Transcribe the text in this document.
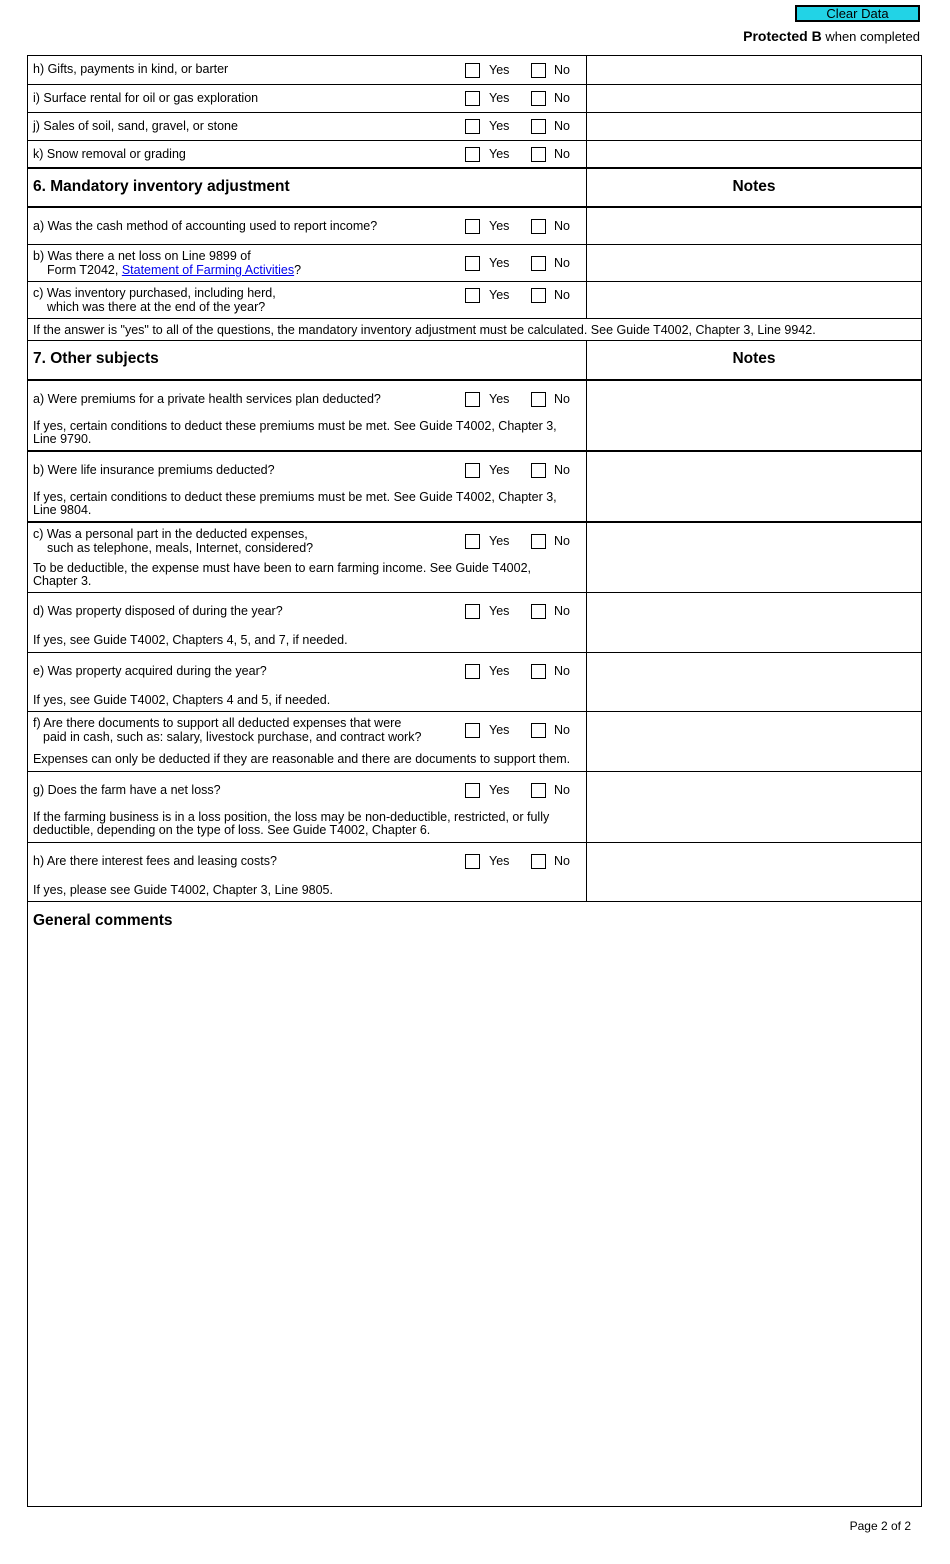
Clear Data
Protected B when completed
h) Gifts, payments in kind, or barter	Yes	No
i) Surface rental for oil or gas exploration	Yes	No
j) Sales of soil, sand, gravel, or stone	Yes	No
k) Snow removal or grading	Yes	No
6. Mandatory inventory adjustment	Notes
a) Was the cash method of accounting used to report income?	Yes	No
b) Was there a net loss on Line 9899 of
Form T2042, Statement of Farming Activities?	Yes	No
c) Was inventory purchased, including herd,
which was there at the end of the year?
Yes	No
If the answer is "yes" to all of the questions, the mandatory inventory adjustment must be calculated. See Guide T4002, Chapter 3, Line 9942.
7. Other subjects	Notes
a) Were premiums for a private health services plan deducted?	Yes	No
If yes, certain conditions to deduct these premiums must be met. See Guide T4002, Chapter 3,
Line 9790.
b) Were life insurance premiums deducted?	Yes	No
If yes, certain conditions to deduct these premiums must be met. See Guide T4002, Chapter 3,
Line 9804.
c) Was a personal part in the deducted expenses,
such as telephone, meals, Internet, considered?	Yes	No
To be deductible, the expense must have been to earn farming income. See Guide T4002,
Chapter 3.
d) Was property disposed of during the year?	Yes	No
If yes, see Guide T4002, Chapters 4, 5, and 7, if needed.
e) Was property acquired during the year?	Yes	No
If yes, see Guide T4002, Chapters 4 and 5, if needed.
f) Are there documents to support all deducted expenses that were
paid in cash, such as: salary, livestock purchase, and contract work?	Yes	No
Expenses can only be deducted if they are reasonable and there are documents to support them.
g) Does the farm have a net loss?	Yes	No
If the farming business is in a loss position, the loss may be non-deductible, restricted, or fully
deductible, depending on the type of loss. See Guide T4002, Chapter 6.
h) Are there interest fees and leasing costs?	Yes	No
If yes, please see Guide T4002, Chapter 3, Line 9805.
General comments
Page 2 of 2
